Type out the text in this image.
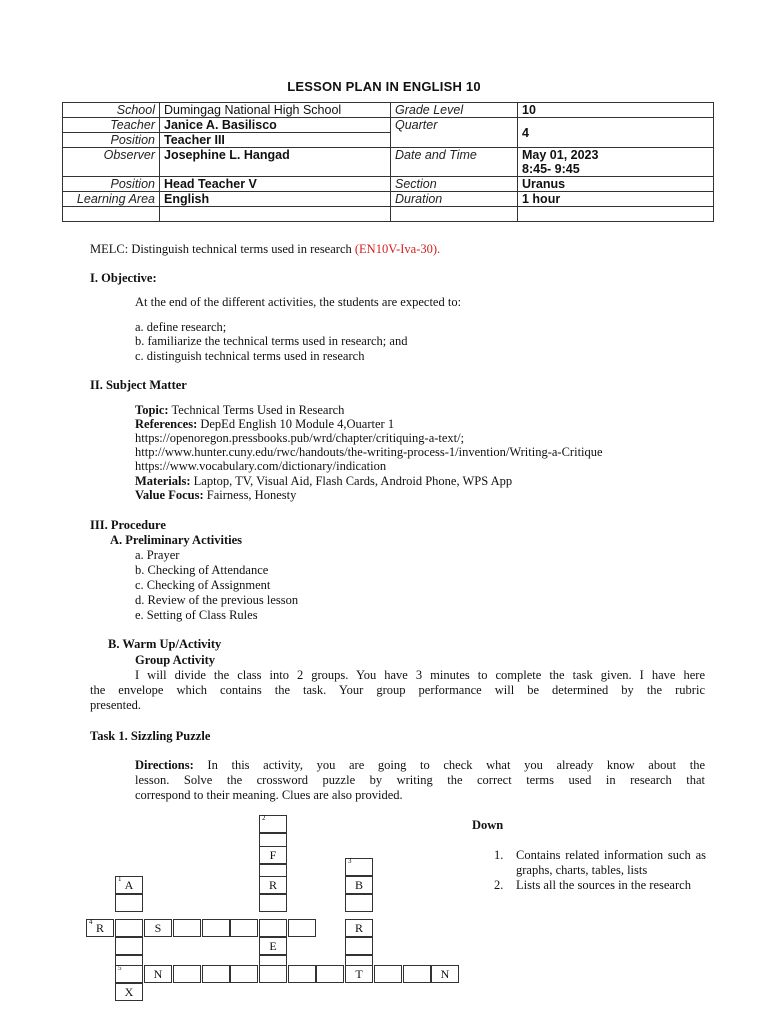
LESSON PLAN IN ENGLISH 10
School	Dumingag National High School	Grade Level	10
Teacher	Janice A. Basilisco	Quarter	4
Position	Teacher III		
Observer	Josephine L. Hangad	Date and Time	May 01, 2023
8:45- 9:45

Position	Head Teacher V	Section	Uranus
Learning Area	English	Duration	1 hour

MELC: Distinguish technical terms used in research (EN10V-Iva-30).
I. Objective:
At the end of the different activities, the students are expected to:
a. define research;
b. familiarize the technical terms used in research; and
c. distinguish technical terms used in research
II. Subject Matter
Topic: Technical Terms Used in Research
References: DepEd English 10 Module 4,Ouarter 1
https://openoregon.pressbooks.pub/wrd/chapter/critiquing-a-text/;
http://www.hunter.cuny.edu/rwc/handouts/the-writing-process-1/invention/Writing-a-Critique
https://www.vocabulary.com/dictionary/indication
Materials: Laptop, TV, Visual Aid, Flash Cards, Android Phone, WPS App
Value Focus: Fairness, Honesty
III. Procedure
A. Preliminary Activities
a. Prayer
b. Checking of Attendance
c. Checking of Assignment
d. Review of the previous lesson
e. Setting of Class Rules
B. Warm Up/Activity
Group Activity
I will divide the class into 2 groups. You have 3 minutes to complete the task given. I have here
the envelope which contains the task. Your group performance will be determined by the rubric
presented.
Task 1. Sizzling Puzzle
Directions: In this activity, you are going to check what you already know about the
lesson. Solve the crossword puzzle by writing the correct terms used in research that
correspond to their meaning. Clues are also provided.
2
F
R
E
3
B
1 A
X
4 R	S	R
5	N	T	N
Down
1. Contains related information such as graphs, charts, tables, lists
2. Lists all the sources in the research
